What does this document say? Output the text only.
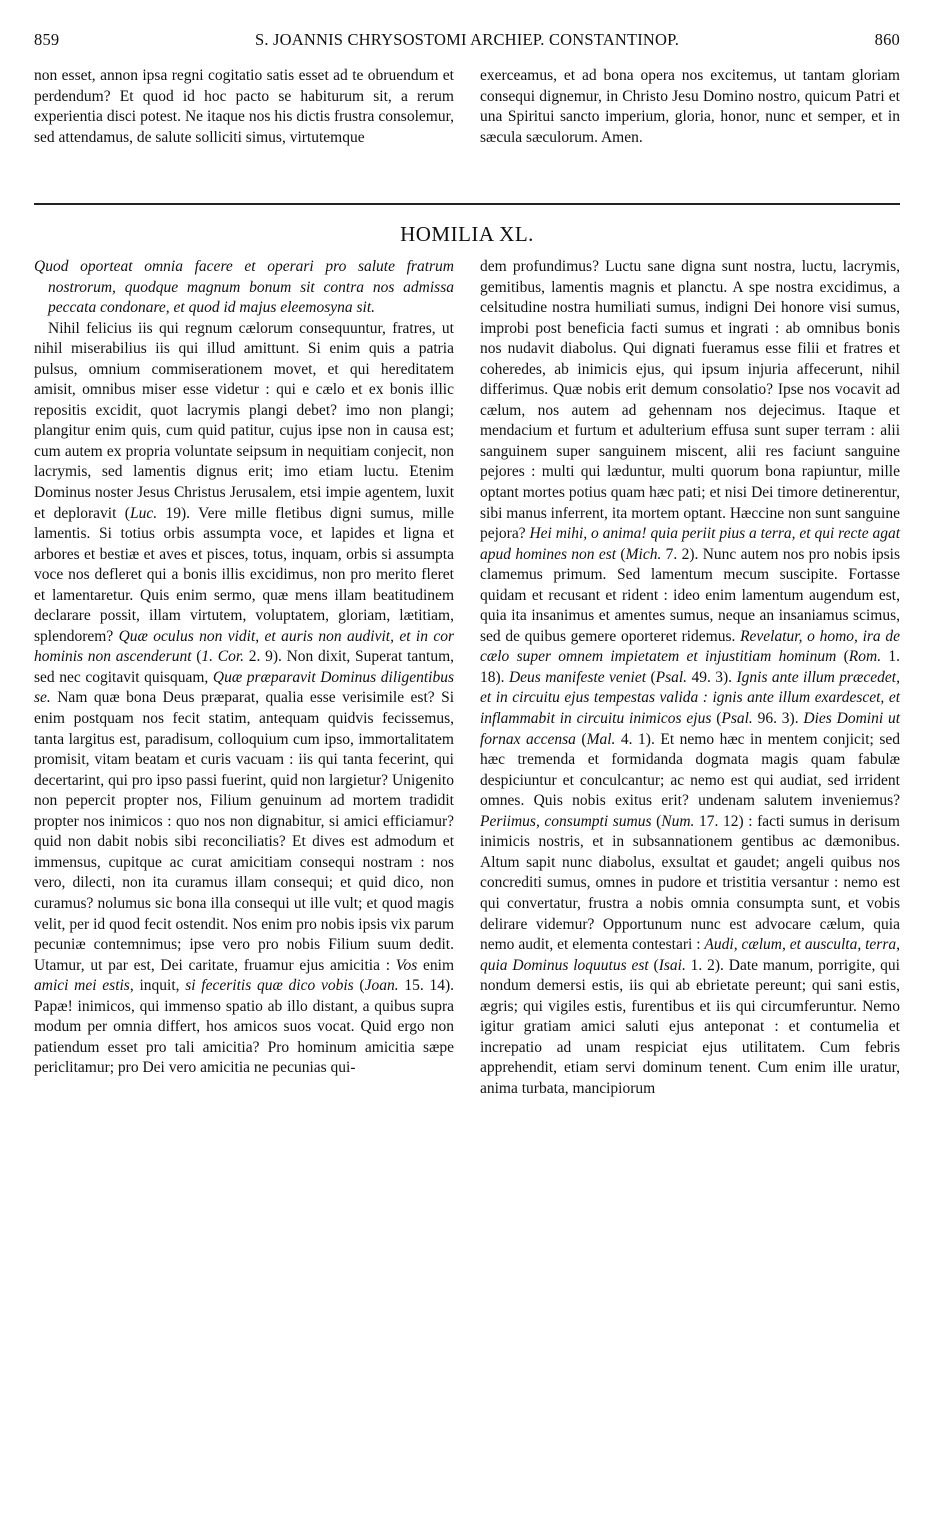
859	S. JOANNIS CHRYSOSTOMI ARCHIEP. CONSTANTINOP.	860
non esset, annon ipsa regni cogitatio satis esset ad te obruendum et perdendum? Et quod id hoc pacto se habiturum sit, a rerum experientia disci potest. Ne itaque nos his dictis frustra consolemur, sed attendamus, de salute solliciti simus, virtutemque
exerceamus, et ad bona opera nos excitemus, ut tantam gloriam consequi dignemur, in Christo Jesu Domino nostro, quicum Patri et una Spiritui sancto imperium, gloria, honor, nunc et semper, et in sæcula sæculorum. Amen.
HOMILIA XL.

Quod oporteat omnia facere et operari pro salute fratrum nostrorum, quodque magnum bonum sit contra nos admissa peccata condonare, et quod id majus eleemosyna sit.

Nihil felicius iis qui regnum cælorum consequuntur, fratres, ut nihil miserabilius iis qui illud amittunt. Si enim quis a patria pulsus, omnium commiserationem movet, et qui hereditatem amisit, omnibus miser esse videtur : qui e cælo et ex bonis illic repositis excidit, quot lacrymis plangi debet? imo non plangi; plangitur enim quis, cum quid patitur, cujus ipse non in causa est; cum autem ex propria voluntate seipsum in nequitiam conjecit, non lacrymis, sed lamentis dignus erit; imo etiam luctu. Etenim Dominus noster Jesus Christus Jerusalem, etsi impie agentem, luxit et deploravit (Luc. 19). Vere mille fletibus digni sumus, mille lamentis. Si totius orbis assumpta voce, et lapides et ligna et arbores et bestiæ et aves et pisces, totus, inquam, orbis si assumpta voce nos defleret qui a bonis illis excidimus, non pro merito fleret et lamentaretur. Quis enim sermo, quæ mens illam beatitudinem declarare possit, illam virtutem, voluptatem, gloriam, lætitiam, splendorem? Quæ oculus non vidit, et auris non audivit, et in cor hominis non ascenderunt (1. Cor. 2. 9). Non dixit, Superat tantum, sed nec cogitavit quisquam, Quæ præparavit Dominus diligentibus se. Nam quæ bona Deus præparat, qualia esse verisimile est? Si enim postquam nos fecit statim, antequam quidvis fecissemus, tanta largitus est, paradisum, colloquium cum ipso, immortalitatem promisit, vitam beatam et curis vacuam : iis qui tanta fecerint, qui decertarint, qui pro ipso passi fuerint, quid non largietur? Unigenito non pepercit propter nos, Filium genuinum ad mortem tradidit propter nos inimicos : quo nos non dignabitur, si amici efficiamur? quid non dabit nobis sibi reconciliatis? Et dives est admodum et immensus, cupitque ac curat amicitiam consequi nostram : nos vero, dilecti, non ita curamus illam consequi; et quid dico, non curamus? nolumus sic bona illa consequi ut ille vult; et quod magis velit, per id quod fecit ostendit. Nos enim pro nobis ipsis vix parum pecuniæ contemnimus; ipse vero pro nobis Filium suum dedit. Utamur, ut par est, Dei caritate, fruamur ejus amicitia : Vos enim amici mei estis, inquit, si feceritis quæ dico vobis (Joan. 15. 14). Papæ! inimicos, qui immenso spatio ab illo distant, a quibus supra modum per omnia differt, hos amicos suos vocat. Quid ergo non patiendum esset pro tali amicitia? Pro hominum amicitia sæpe periclitamur; pro Dei vero amicitia ne pecunias qui-

dem profundimus? Luctu sane digna sunt nostra, luctu, lacrymis, gemitibus, lamentis magnis et planctu. A spe nostra excidimus, a celsitudine nostra humiliati sumus, indigni Dei honore visi sumus, improbi post beneficia facti sumus et ingrati : ab omnibus bonis nos nudavit diabolus. Qui dignati fueramus esse filii et fratres et coheredes, ab inimicis ejus, qui ipsum injuria affecerunt, nihil differimus. Quæ nobis erit demum consolatio? Ipse nos vocavit ad cælum, nos autem ad gehennam nos dejecimus. Itaque et mendacium et furtum et adulterium effusa sunt super terram : alii sanguinem super sanguinem miscent, alii res faciunt sanguine pejores : multi qui læduntur, multi quorum bona rapiuntur, mille optant mortes potius quam hæc pati; et nisi Dei timore detinerentur, sibi manus inferrent, ita mortem optant. Hæccine non sunt sanguine pejora? Hei mihi, o anima! quia periit pius a terra, et qui recte agat apud homines non est (Mich. 7. 2). Nunc autem nos pro nobis ipsis clamemus primum. Sed lamentum mecum suscipite. Fortasse quidam et recusant et rident : ideo enim lamentum augendum est, quia ita insanimus et amentes sumus, neque an insaniamus scimus, sed de quibus gemere oporteret ridemus. Revelatur, o homo, ira de cælo super omnem impietatem et injustitiam hominum (Rom. 1. 18). Deus manifeste veniet (Psal. 49. 3). Ignis ante illum præcedet, et in circuitu ejus tempestas valida : ignis ante illum exardescet, et inflammabit in circuitu inimicos ejus (Psal. 96. 3). Dies Domini ut fornax accensa (Mal. 4. 1). Et nemo hæc in mentem conjicit; sed hæc tremenda et formidanda dogmata magis quam fabulæ despiciuntur et conculcantur; ac nemo est qui audiat, sed irrident omnes. Quis nobis exitus erit? undenam salutem inveniemus? Periimus, consumpti sumus (Num. 17. 12) : facti sumus in derisum inimicis nostris, et in subsannationem gentibus ac dæmonibus. Altum sapit nunc diabolus, exsultat et gaudet; angeli quibus nos concrediti sumus, omnes in pudore et tristitia versantur : nemo est qui convertatur, frustra a nobis omnia consumpta sunt, et vobis delirare videmur? Opportunum nunc est advocare cælum, quia nemo audit, et elementa contestari : Audi, cælum, et ausculta, terra, quia Dominus loquutus est (Isai. 1. 2). Date manum, porrigite, qui nondum demersi estis, iis qui ab ebrietate pereunt; qui sani estis, ægris; qui vigiles estis, furentibus et iis qui circumferuntur. Nemo igitur gratiam amici saluti ejus anteponat : et contumelia et increpatio ad unam respiciat ejus utilitatem. Cum febris apprehendit, etiam servi dominum tenent. Cum enim ille uratur, anima turbata, mancipiorum
